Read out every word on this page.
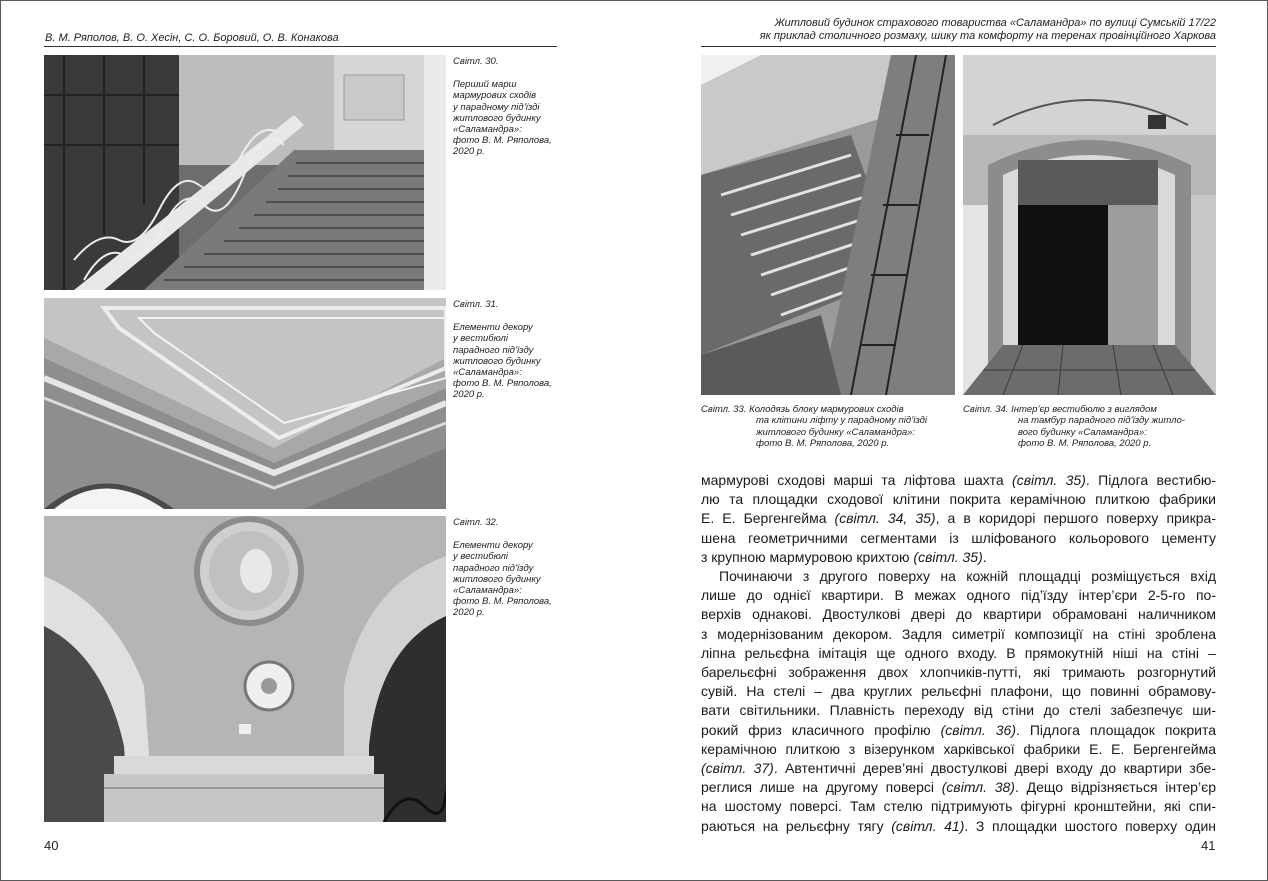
В. М. Ряполов, В. О. Хесін, С. О. Боровий, О. В. Конакова
Світл. 30.
Перший марш
мармурових сходів
у парадному під’їзді
житлового будинку
«Саламандра»:
фото В. М. Ряполова,
2020 р.
Світл. 31.
Елементи декору
у вестибюлі
парадного під’їзду
житлового будинку
«Саламандра»:
фото В. М. Ряполова,
2020 р.
Світл. 32.
Елементи декору
у вестибюлі
парадного під’їзду
житлового будинку
«Саламандра»:
фото В. М. Ряполова,
2020 р.
40
Житловий будинок страхового товариства «Саламандра» по вулиці Сумській 17/22
як приклад столичного розмаху, шику та комфорту на теренах провінційного Харкова
Світл. 33. Колодязь блоку мармурових сходів
та клітини ліфту у парадному під’їзді
житлового будинку «Саламандра»:
фото В. М. Ряполова, 2020 р.
Світл. 34. Інтер’єр вестибюлю з виглядом
на тамбур парадного під’їзду житло-
вого будинку «Саламандра»:
фото В. М. Ряполова, 2020 р.
мармурові сходові марші та ліфтова шахта (світл. 35). Підлога вестибю-
лю та площадки сходової клітини покрита керамічною плиткою фабрики
Е. Е. Бергенгейма (світл. 34, 35), а в коридорі першого поверху прикра-
шена геометричними сегментами із шліфованого кольорового цементу
з крупною мармуровою крихтою (світл. 35).
Починаючи з другого поверху на кожній площадці розміщується вхід
лише до однієї квартири. В межах одного під’їзду інтер’єри 2-5-го по-
верхів однакові. Двостулкові двері до квартири обрамовані наличником
з модернізованим декором. Задля симетрії композиції на стіні зроблена
ліпна рельєфна імітація ще одного входу. В прямокутній ніші на стіні –
барельєфні зображення двох хлопчиків-путті, які тримають розгорнутий
сувій. На стелі – два круглих рельєфні плафони, що повинні обрамову-
вати світильники. Плавність переходу від стіни до стелі забезпечує ши-
рокий фриз класичного профілю (світл. 36). Підлога площадок покрита
керамічною плиткою з візерунком харківської фабрики Е. Е. Бергенгейма
(світл. 37). Автентичні дерев’яні двостулкові двері входу до квартири збе-
реглися лише на другому поверсі (світл. 38). Дещо відрізняється інтер’єр
на шостому поверсі. Там стелю підтримують фігурні кронштейни, які спи-
раються на рельєфну тягу (світл. 41). З площадки шостого поверху один
41
